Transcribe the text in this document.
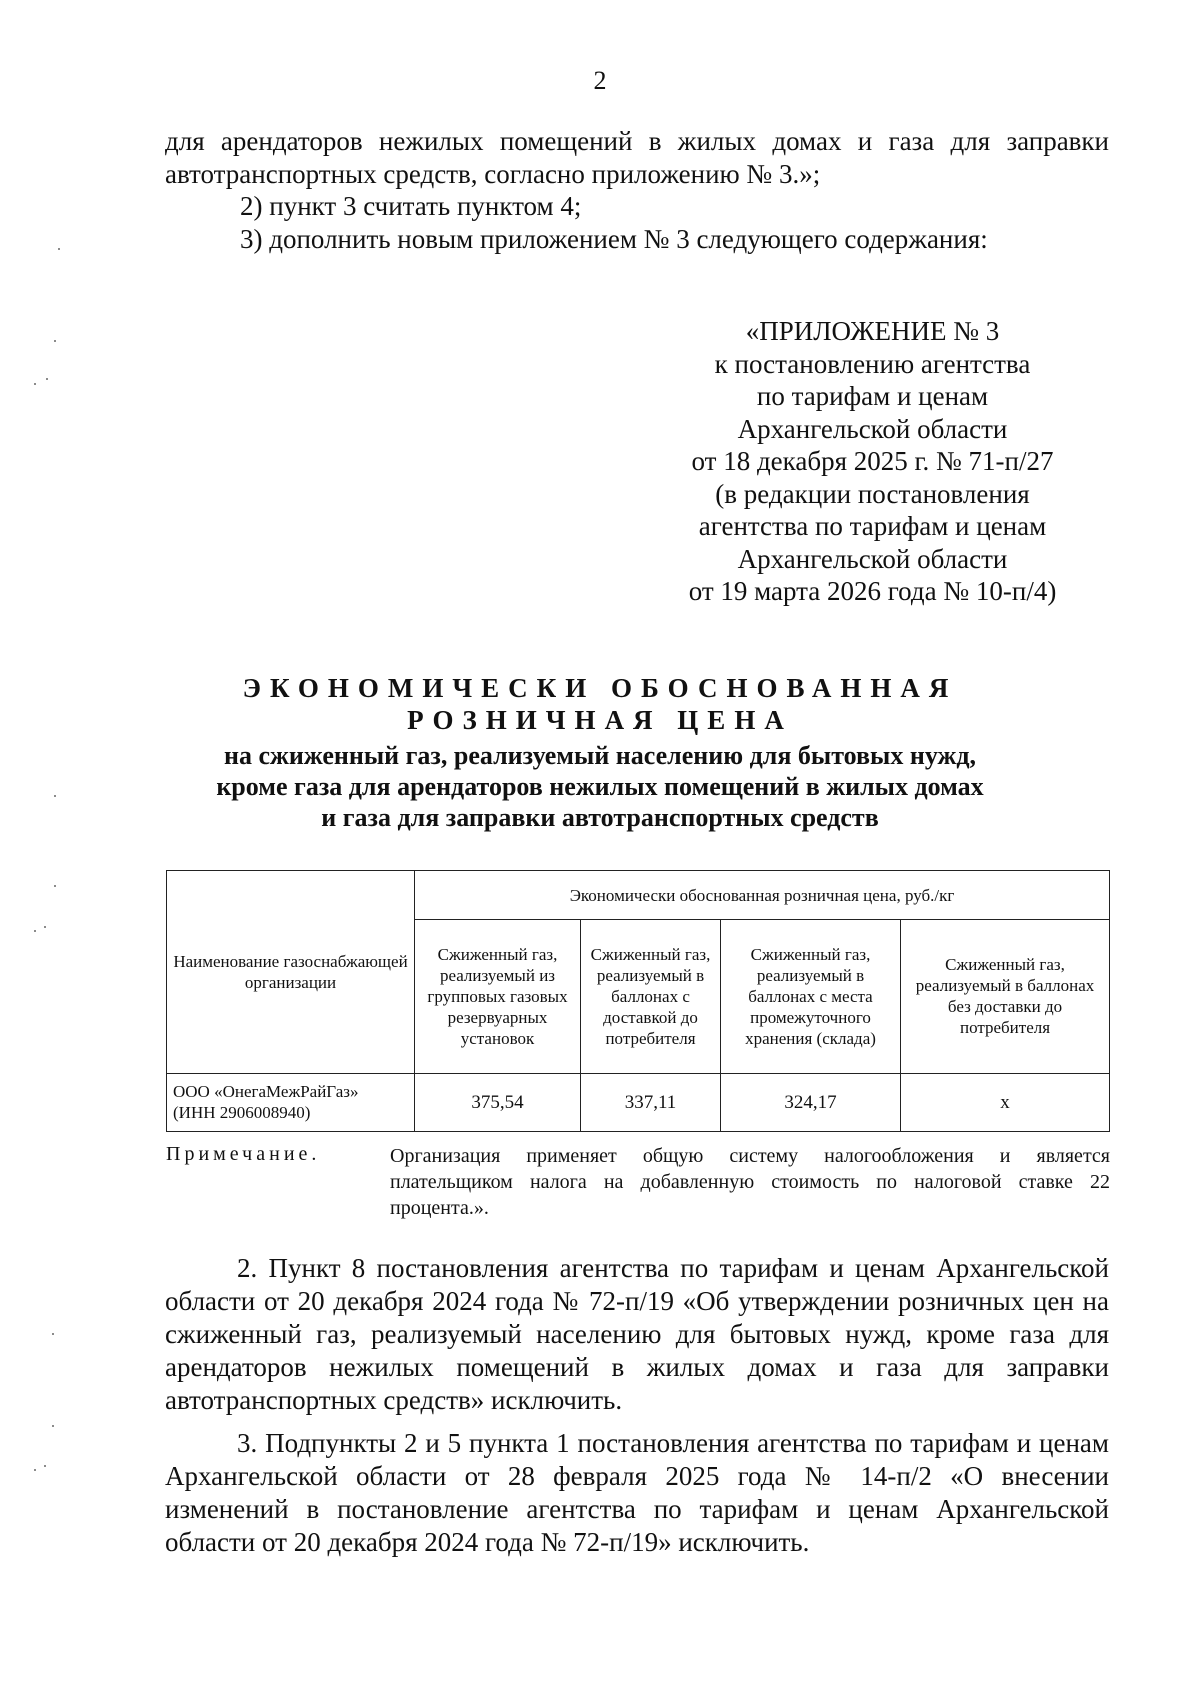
2
для арендаторов нежилых помещений в жилых домах и газа для заправки автотранспортных средств, согласно приложению № 3.»;
2) пункт 3 считать пунктом 4;
3) дополнить новым приложением № 3 следующего содержания:
«ПРИЛОЖЕНИЕ № 3
к постановлению агентства
по тарифам и ценам
Архангельской области
от 18 декабря 2025 г. № 71-п/27
(в редакции постановления
агентства по тарифам и ценам
Архангельской области
от 19 марта 2026 года № 10-п/4)
ЭКОНОМИЧЕСКИ ОБОСНОВАННАЯ
РОЗНИЧНАЯ ЦЕНА
на сжиженный газ, реализуемый населению для бытовых нужд,
кроме газа для арендаторов нежилых помещений в жилых домах
и газа для заправки автотранспортных средств
Наименование газоснабжающей организации	Экономически обоснованная розничная цена, руб./кг			
	Сжиженный газ, реализуемый из групповых газовых резервуарных установок	Сжиженный газ, реализуемый в баллонах с доставкой до потребителя	Сжиженный газ, реализуемый в баллонах с места промежуточного хранения (склада)	Сжиженный газ, реализуемый в баллонах без доставки до потребителя

ООО «ОнегаМежРайГаз»
(ИНН 2906008940)	375,54	337,11	324,17	х
Примечание.	Организация применяет общую систему налогообложения и является плательщиком налога на добавленную стоимость по налоговой ставке 22 процента.».
2. Пункт 8 постановления агентства по тарифам и ценам Архангельской области от 20 декабря 2024 года № 72-п/19 «Об утверждении розничных цен на сжиженный газ, реализуемый населению для бытовых нужд, кроме газа для арендаторов нежилых помещений в жилых домах и газа для заправки автотранспортных средств» исключить.
3. Подпункты 2 и 5 пункта 1 постановления агентства по тарифам и ценам Архангельской области от 28 февраля 2025 года № 14-п/2 «О внесении изменений в постановление агентства по тарифам и ценам Архангельской области от 20 декабря 2024 года № 72-п/19» исключить.
